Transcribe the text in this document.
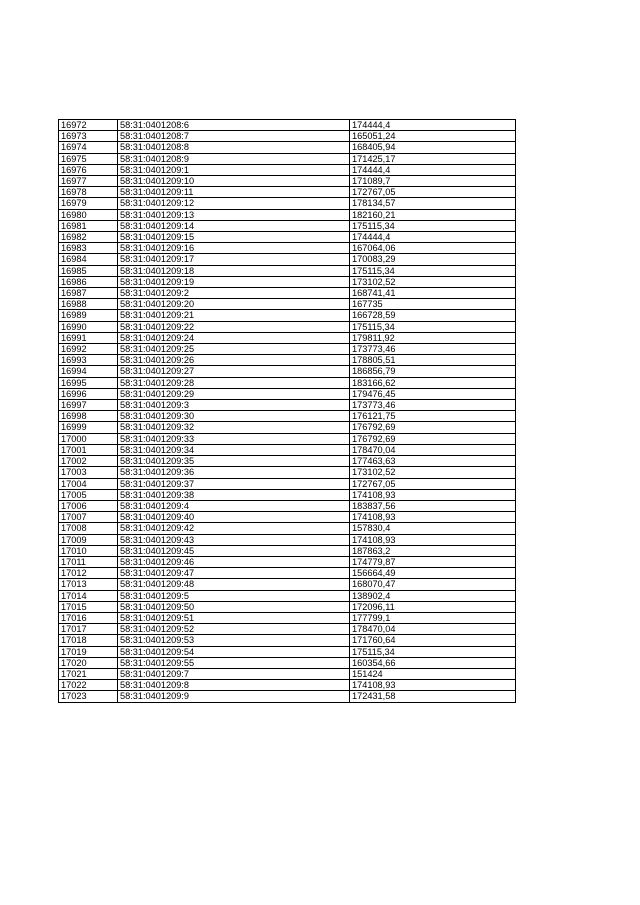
16972	58:31:0401208:6	174444,4
16973	58:31:0401208:7	165051,24
16974	58:31:0401208:8	168405,94
16975	58:31:0401208:9	171425,17
16976	58:31:0401209:1	174444,4
16977	58:31:0401209:10	171089,7
16978	58:31:0401209:11	172767,05
16979	58:31:0401209:12	178134,57
16980	58:31:0401209:13	182160,21
16981	58:31:0401209:14	175115,34
16982	58:31:0401209:15	174444,4
16983	58:31:0401209:16	167064,06
16984	58:31:0401209:17	170083,29
16985	58:31:0401209:18	175115,34
16986	58:31:0401209:19	173102,52
16987	58:31:0401209:2	168741,41
16988	58:31:0401209:20	167735
16989	58:31:0401209:21	166728,59
16990	58:31:0401209:22	175115,34
16991	58:31:0401209:24	179811,92
16992	58:31:0401209:25	173773,46
16993	58:31:0401209:26	178805,51
16994	58:31:0401209:27	186856,79
16995	58:31:0401209:28	183166,62
16996	58:31:0401209:29	179476,45
16997	58:31:0401209:3	173773,46
16998	58:31:0401209:30	176121,75
16999	58:31:0401209:32	176792,69
17000	58:31:0401209:33	176792,69
17001	58:31:0401209:34	178470,04
17002	58:31:0401209:35	177463,63
17003	58:31:0401209:36	173102,52
17004	58:31:0401209:37	172767,05
17005	58:31:0401209:38	174108,93
17006	58:31:0401209:4	183837,56
17007	58:31:0401209:40	174108,93
17008	58:31:0401209:42	157830,4
17009	58:31:0401209:43	174108,93
17010	58:31:0401209:45	187863,2
17011	58:31:0401209:46	174779,87
17012	58:31:0401209:47	156664,49
17013	58:31:0401209:48	168070,47
17014	58:31:0401209:5	138902,4
17015	58:31:0401209:50	172096,11
17016	58:31:0401209:51	177799,1
17017	58:31:0401209:52	178470,04
17018	58:31:0401209:53	171760,64
17019	58:31:0401209:54	175115,34
17020	58:31:0401209:55	160354,66
17021	58:31:0401209:7	151424
17022	58:31:0401209:8	174108,93
17023	58:31:0401209:9	172431,58
